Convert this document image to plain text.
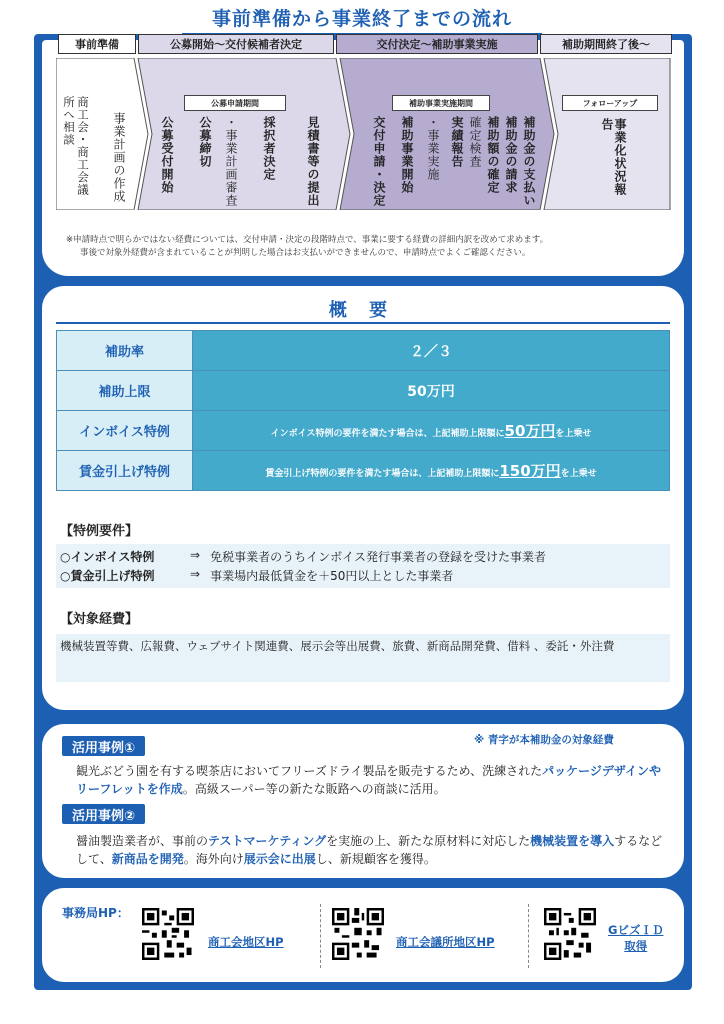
事前準備から事業終了までの流れ
事前準備	公募開始～交付候補者決定	交付決定～補助事業実施	補助期間終了後～
公募申請期間	補助事業実施期間	フォローアップ
商工会・商工会議所へ相談	事業計画の作成	公募受付開始 公募締切 ・事業計画審査 採択者決定	見積書等の提出	交付申請・決定 補助事業開始 ・事業実施 実績報告 確定検査 補助額の確定 補助金の請求 補助金の支払い	事業化状況報告
※申請時点で明らかではない経費については、交付申請・決定の段階時点で、事業に要する経費の詳細内訳を改めて求めます。
事後で対象外経費が含まれていることが判明した場合はお支払いができませんので、申請時点でよくご確認ください。
概 要
補助率	２／３
補助上限	50万円
インボイス特例	インボイス特例の要件を満たす場合は、上記補助上限額に50万円を上乗せ
賃金引上げ特例	賃金引上げ特例の要件を満たす場合は、上記補助上限額に150万円を上乗せ
【特例要件】
○インボイス特例	⇒ 免税事業者のうちインボイス発行事業者の登録を受けた事業者
○賃金引上げ特例	⇒ 事業場内最低賃金を＋50円以上とした事業者
【対象経費】
機械装置等費、広報費、ウェブサイト関連費、展示会等出展費、旅費、新商品開発費、借料 、委託・外注費
活用事例①
※ 青字が本補助金の対象経費
観光ぶどう園を有する喫茶店においてフリーズドライ製品を販売するため、洗練されたパッケージデザインやリーフレットを作成。高級スーパー等の新たな販路への商談に活用。
活用事例②
醤油製造業者が、事前のテストマーケティングを実施の上、新たな原材料に対応した機械装置を導入するなどして、新商品を開発。海外向け展示会に出展し、新規顧客を獲得。
事務局HP：
商工会地区HP	商工会議所地区HP
GビズＩＤ
取得
